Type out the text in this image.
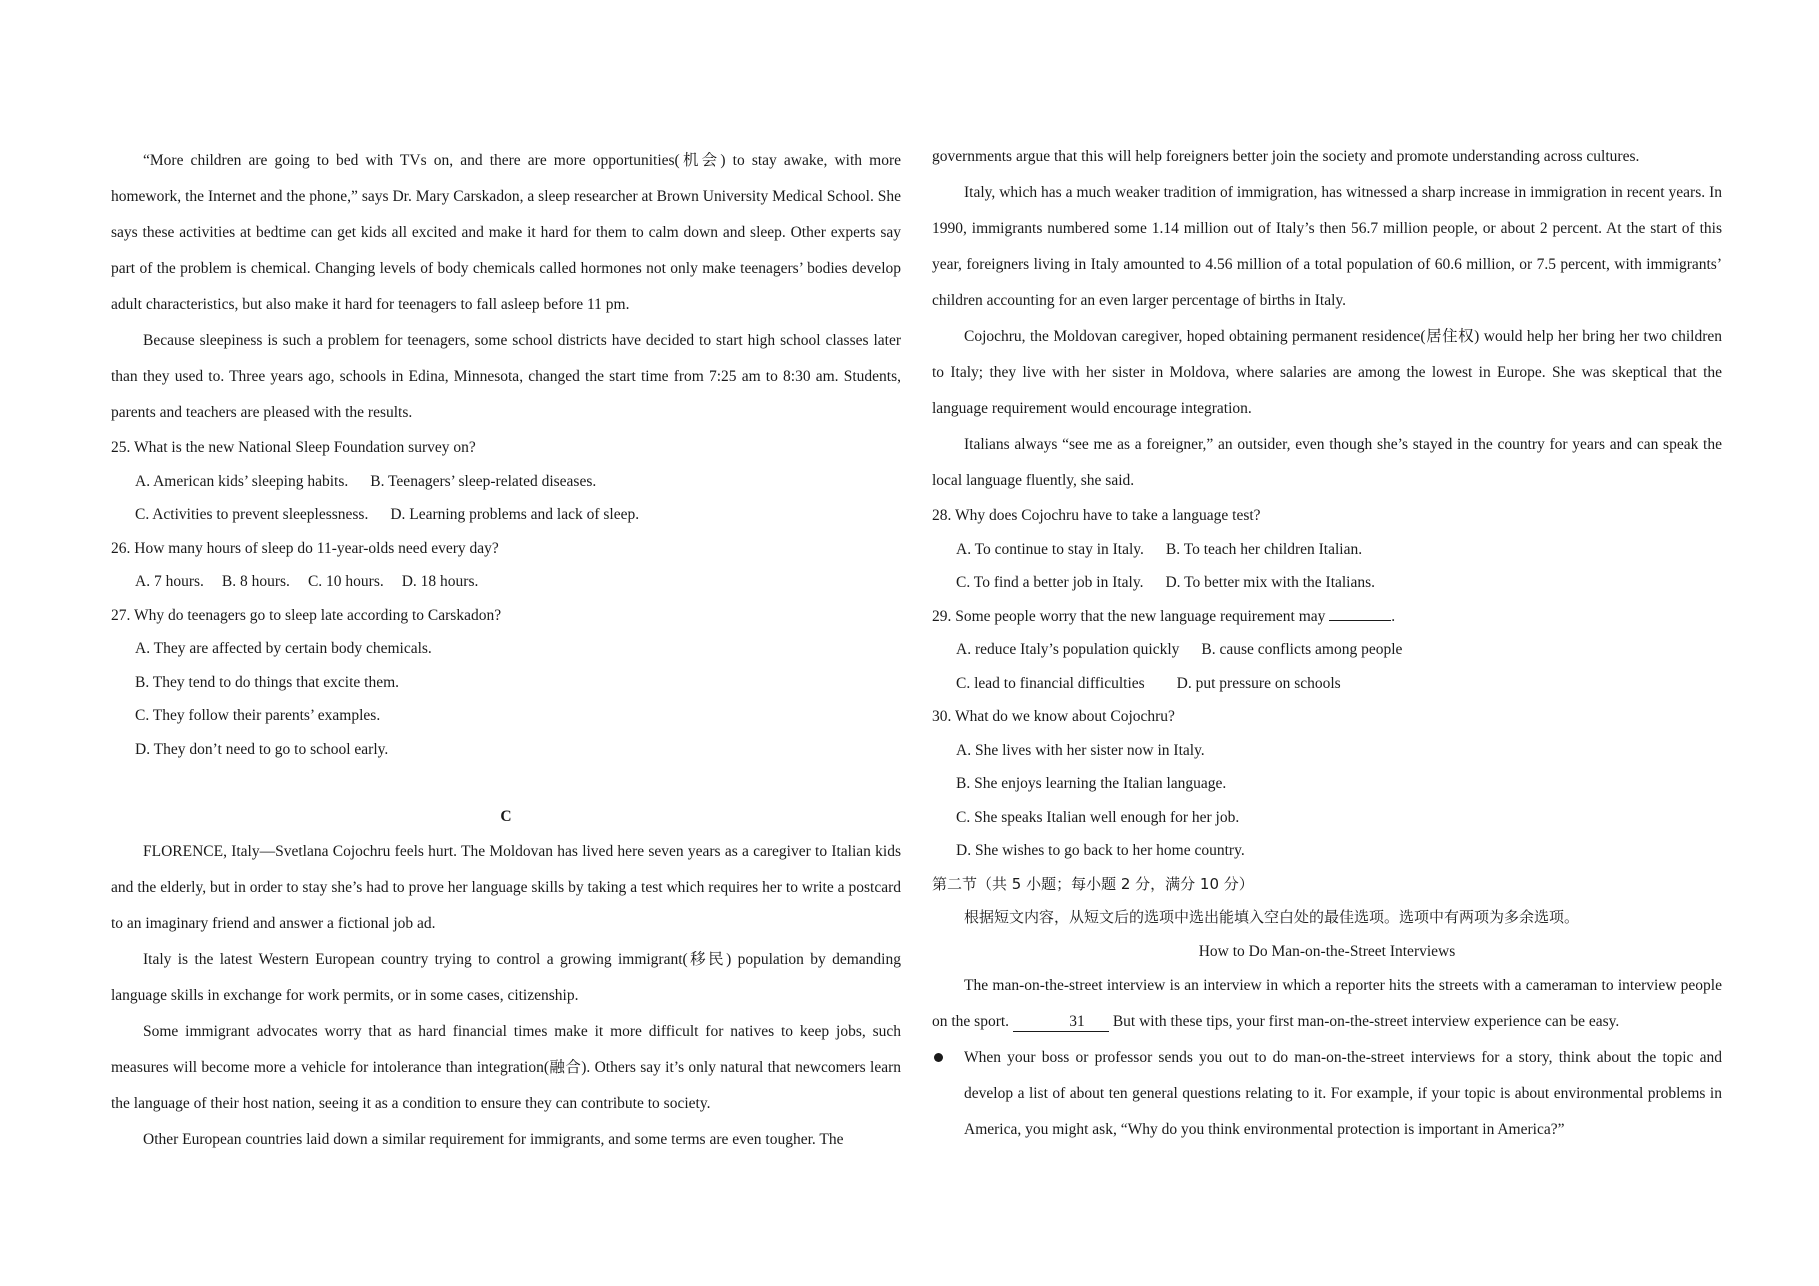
“More children are going to bed with TVs on, and there are more opportunities(机会) to stay awake, with more homework, the Internet and the phone,” says Dr. Mary Carskadon, a sleep researcher at Brown University Medical School. She says these activities at bedtime can get kids all excited and make it hard for them to calm down and sleep. Other experts say part of the problem is chemical. Changing levels of body chemicals called hormones not only make teenagers’ bodies develop adult characteristics, but also make it hard for teenagers to fall asleep before 11 pm.

Because sleepiness is such a problem for teenagers, some school districts have decided to start high school classes later than they used to. Three years ago, schools in Edina, Minnesota, changed the start time from 7:25 am to 8:30 am. Students, parents and teachers are pleased with the results.

25. What is the new National Sleep Foundation survey on?

A. American kids’ sleeping habits. B. Teenagers’ sleep-related diseases.

C. Activities to prevent sleeplessness. D. Learning problems and lack of sleep.

26. How many hours of sleep do 11-year-olds need every day?

A. 7 hours. B. 8 hours. C. 10 hours. D. 18 hours.

27. Why do teenagers go to sleep late according to Carskadon?

A. They are affected by certain body chemicals.

B. They tend to do things that excite them.

C. They follow their parents’ examples.

D. They don’t need to go to school early.

C

FLORENCE, Italy—Svetlana Cojochru feels hurt. The Moldovan has lived here seven years as a caregiver to Italian kids and the elderly, but in order to stay she’s had to prove her language skills by taking a test which requires her to write a postcard to an imaginary friend and answer a fictional job ad.

Italy is the latest Western European country trying to control a growing immigrant(移民) population by demanding language skills in exchange for work permits, or in some cases, citizenship.

Some immigrant advocates worry that as hard financial times make it more difficult for natives to keep jobs, such measures will become more a vehicle for intolerance than integration(融合). Others say it’s only natural that newcomers learn the language of their host nation, seeing it as a condition to ensure they can contribute to society.

Other European countries laid down a similar requirement for immigrants, and some terms are even tougher. The

governments argue that this will help foreigners better join the society and promote understanding across cultures.

Italy, which has a much weaker tradition of immigration, has witnessed a sharp increase in immigration in recent years. In 1990, immigrants numbered some 1.14 million out of Italy’s then 56.7 million people, or about 2 percent. At the start of this year, foreigners living in Italy amounted to 4.56 million of a total population of 60.6 million, or 7.5 percent, with immigrants’ children accounting for an even larger percentage of births in Italy.

Cojochru, the Moldovan caregiver, hoped obtaining permanent residence(居住权) would help her bring her two children to Italy; they live with her sister in Moldova, where salaries are among the lowest in Europe. She was skeptical that the language requirement would encourage integration.

Italians always “see me as a foreigner,” an outsider, even though she’s stayed in the country for years and can speak the local language fluently, she said.

28. Why does Cojochru have to take a language test?

A. To continue to stay in Italy. B. To teach her children Italian.

C. To find a better job in Italy. D. To better mix with the Italians.

29. Some people worry that the new language requirement may	.

A. reduce Italy’s population quickly B. cause conflicts among people

C. lead to financial difficulties D. put pressure on schools

30. What do we know about Cojochru?

A. She lives with her sister now in Italy.

B. She enjoys learning the Italian language.

C. She speaks Italian well enough for her job.

D. She wishes to go back to her home country.

第二节（共 5 小题；每小题 2 分，满分 10 分）

根据短文内容，从短文后的选项中选出能填入空白处的最佳选项。选项中有两项为多余选项。

How to Do Man-on-the-Street Interviews

The man-on-the-street interview is an interview in which a reporter hits the streets with a cameraman to interview people on the sport.	31 But with these tips, your first man-on-the-street interview experience can be easy.

When your boss or professor sends you out to do man-on-the-street interviews for a story, think about the topic and develop a list of about ten general questions relating to it. For example, if your topic is about environmental problems in America, you might ask, “Why do you think environmental protection is important in America?”
